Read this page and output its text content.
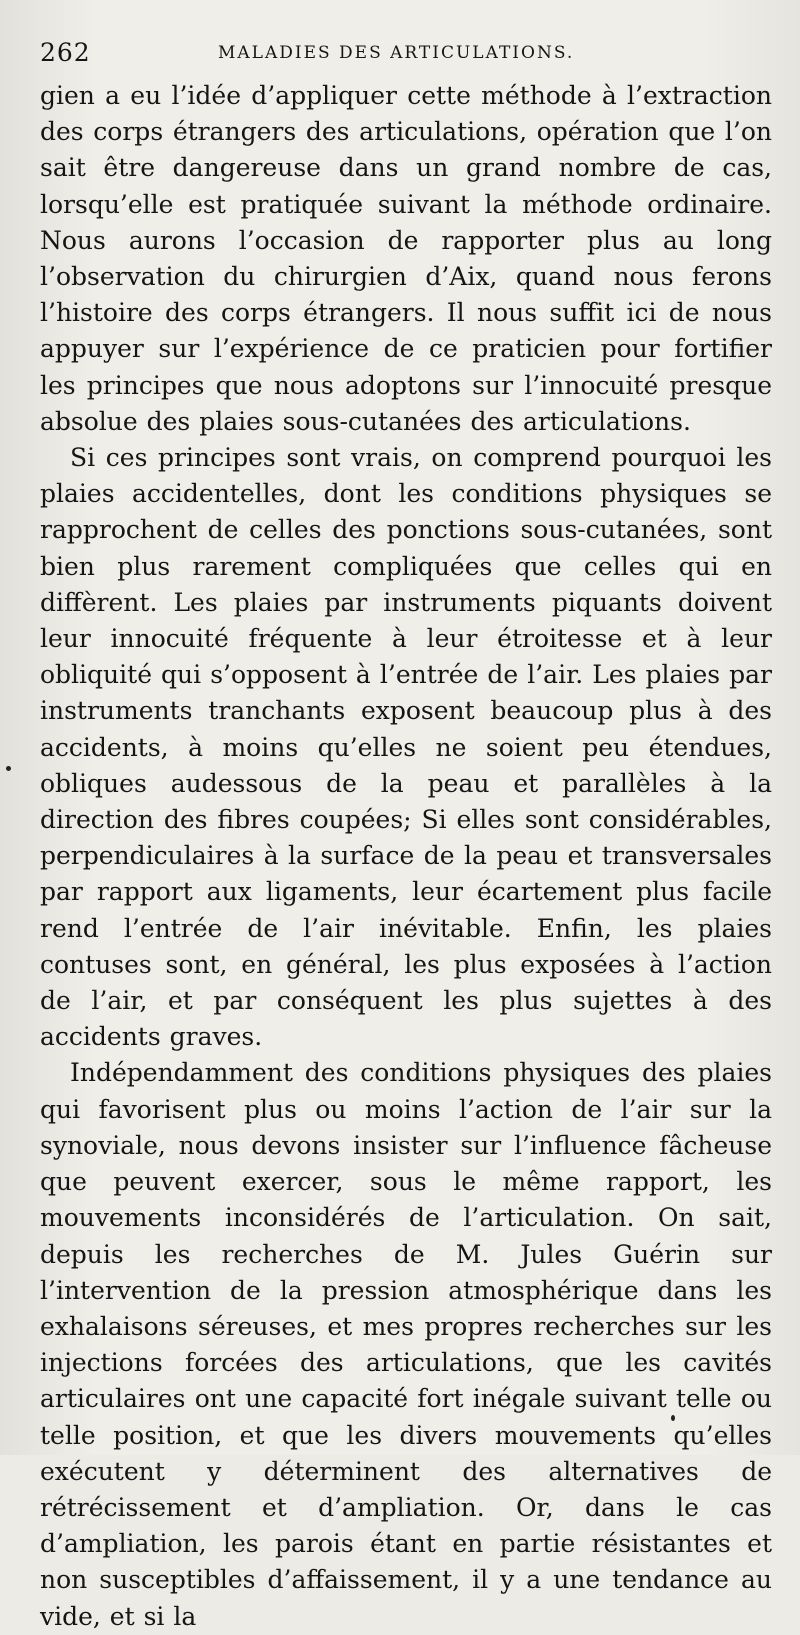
262	MALADIES DES ARTICULATIONS.

gien a eu l’idée d’appliquer cette méthode à l’extraction des corps étrangers des articulations, opération que l’on sait être dangereuse dans un grand nombre de cas, lorsqu’elle est pratiquée suivant la méthode ordinaire. Nous aurons l’occasion de rapporter plus au long l’observation du chirurgien d’Aix, quand nous ferons l’histoire des corps étrangers. Il nous suffit ici de nous appuyer sur l’expérience de ce praticien pour fortifier les principes que nous adoptons sur l’innocuité presque absolue des plaies sous-cutanées des articulations.

Si ces principes sont vrais, on comprend pourquoi les plaies accidentelles, dont les conditions physiques se rapprochent de celles des ponctions sous-cutanées, sont bien plus rarement compliquées que celles qui en diffèrent. Les plaies par instruments piquants doivent leur innocuité fréquente à leur étroitesse et à leur obliquité qui s’opposent à l’entrée de l’air. Les plaies par instruments tranchants exposent beaucoup plus à des accidents, à moins qu’elles ne soient peu étendues, obliques audessous de la peau et parallèles à la direction des fibres coupées; Si elles sont considérables, perpendiculaires à la surface de la peau et transversales par rapport aux ligaments, leur écartement plus facile rend l’entrée de l’air inévitable. Enfin, les plaies contuses sont, en général, les plus exposées à l’action de l’air, et par conséquent les plus sujettes à des accidents graves.

Indépendamment des conditions physiques des plaies qui favorisent plus ou moins l’action de l’air sur la synoviale, nous devons insister sur l’influence fâcheuse que peuvent exercer, sous le même rapport, les mouvements inconsidérés de l’articulation. On sait, depuis les recherches de M. Jules Guérin sur l’intervention de la pression atmosphérique dans les exhalaisons séreuses, et mes propres recherches sur les injections forcées des articulations, que les cavités articulaires ont une capacité fort inégale suivant telle ou telle position, et que les divers mouvements qu’elles exécutent y déterminent des alternatives de rétrécissement et d’ampliation. Or, dans le cas d’ampliation, les parois étant en partie résistantes et non susceptibles d’affaissement, il y a une tendance au vide, et si la
